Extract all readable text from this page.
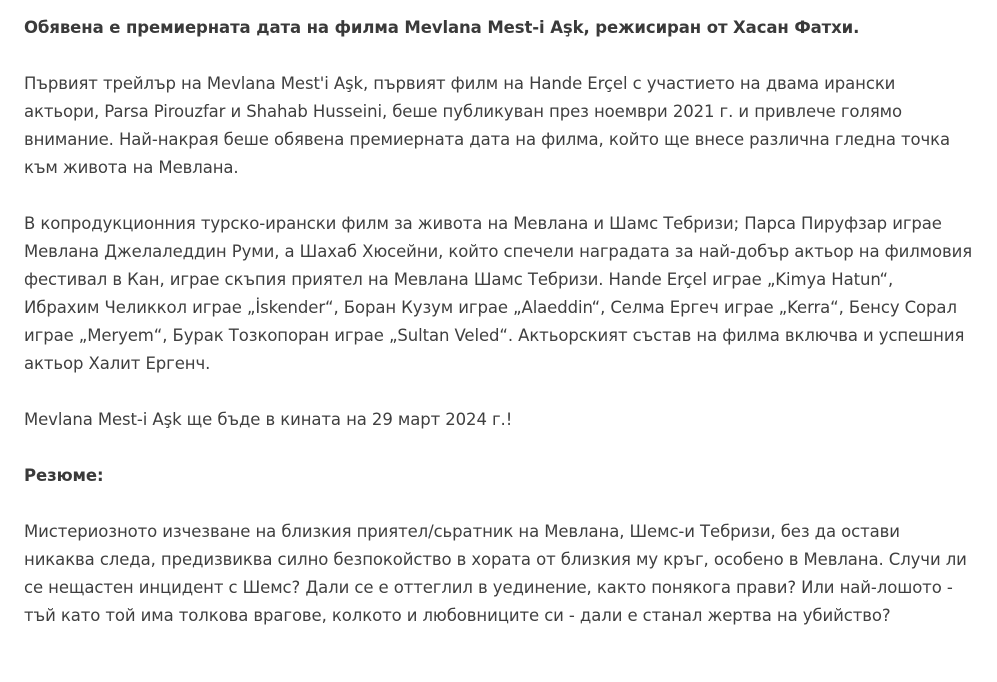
Обявена е премиерната дата на филма Mevlana Mest-i Aşk, режисиран от Хасан Фатхи.

Първият трейлър на Mevlana Mest'i Aşk, първият филм на Hande Erçel с участието на двама ирански актьори, Parsa Pirouzfar и Shahab Husseini, беше публикуван през ноември 2021 г. и привлече голямо внимание. Най-накрая беше обявена премиерната дата на филма, който ще внесе различна гледна точка към живота на Мевлана.

В копродукционния турско-ирански филм за живота на Мевлана и Шамс Тебризи; Парса Пируфзар играе Мевлана Джелаледдин Руми, а Шахаб Хюсейни, който спечели наградата за най-добър актьор на филмовия фестивал в Кан, играе скъпия приятел на Мевлана Шамс Тебризи. Hande Erçel играе „Kimya Hatun“, Ибрахим Челиккол играе „İskender“, Боран Кузум играе „Alaeddin“, Селма Ергеч играе „Kerra“, Бенсу Сорал играе „Meryem“, Бурак Тозкопоран играе „Sultan Veled“. Актьорският състав на филма включва и успешния актьор Халит Ергенч.

Mevlana Mest-i Aşk ще бъде в кината на 29 март 2024 г.!

Резюме:

Мистериозното изчезване на близкия приятел/сьратник на Мевлана, Шемс-и Тебризи, без да остави никаква следа, предизвиква силно безпокойство в хората от близкия му кръг, особено в Мевлана. Случи ли се нещастен инцидент с Шемс? Дали се е оттеглил в уединение, както понякога прави? Или най-лошото - тъй като той има толкова врагове, колкото и любовниците си - дали е станал жертва на убийство?
